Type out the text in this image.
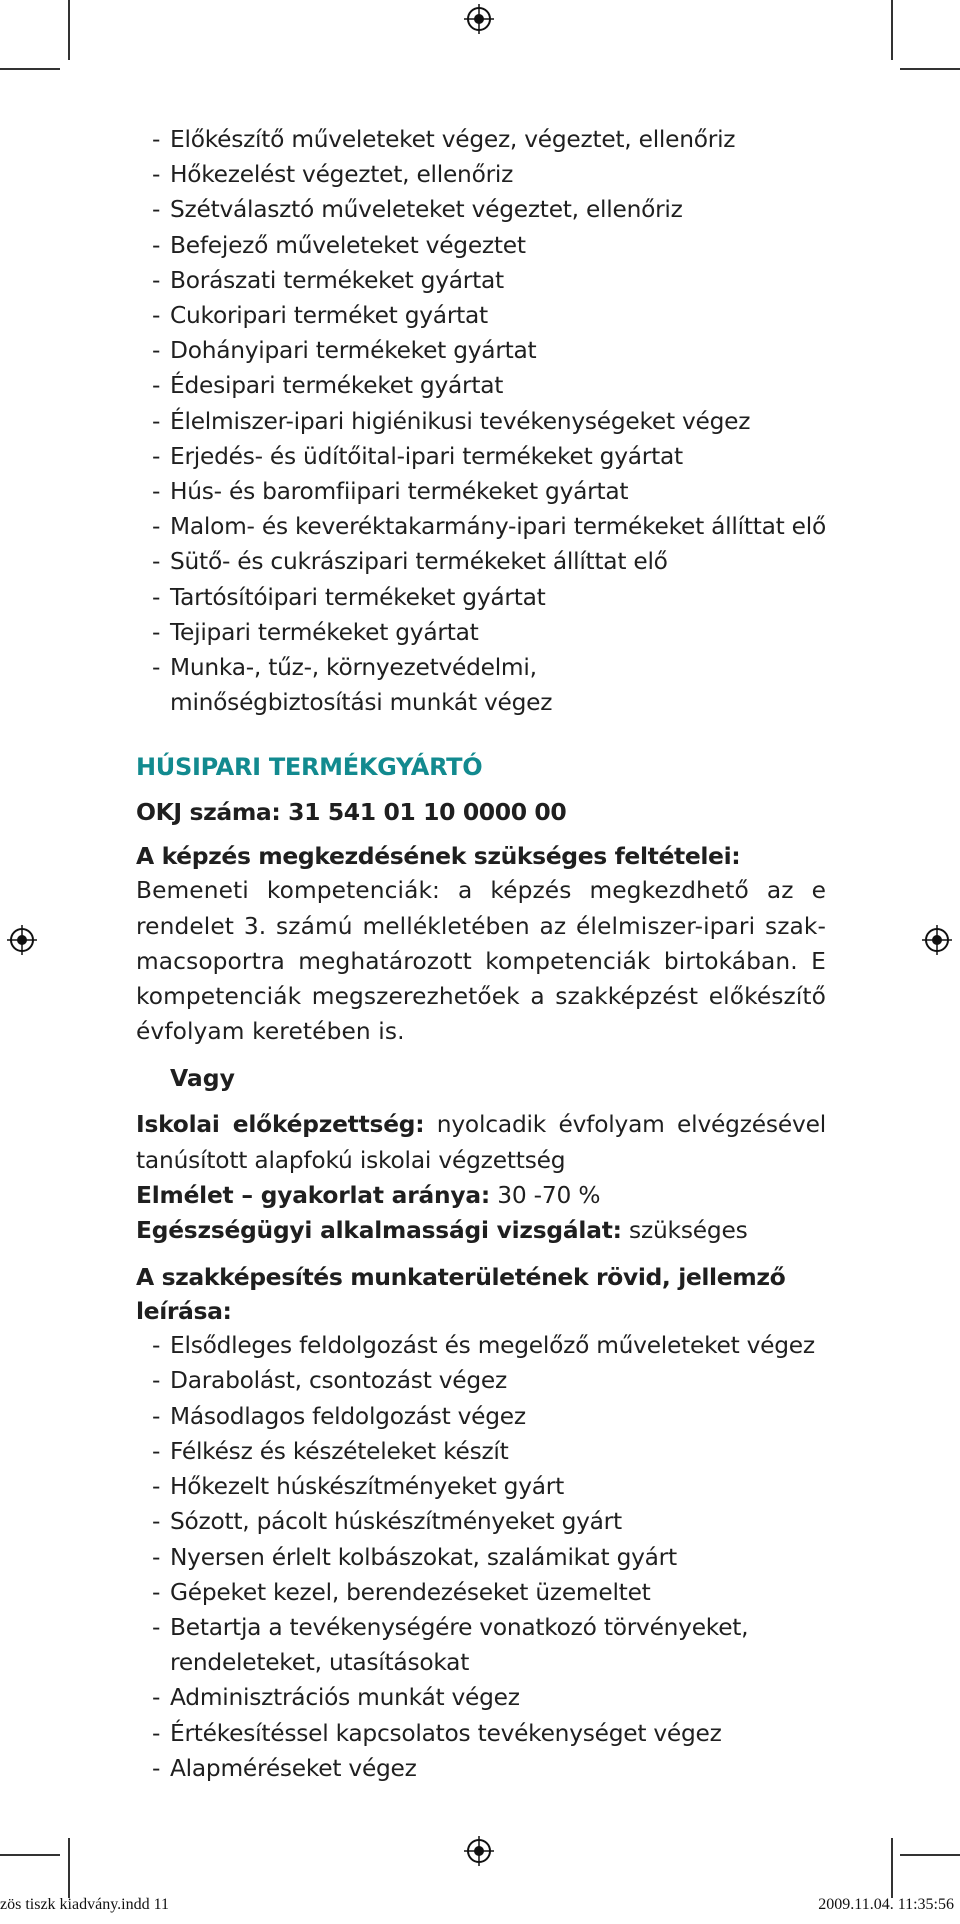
- Előkészítő műveleteket végez, végeztet, ellenőriz
- Hőkezelést végeztet, ellenőriz
- Szétválasztó műveleteket végeztet, ellenőriz
- Befejező műveleteket végeztet
- Borászati termékeket gyártat
- Cukoripari terméket gyártat
- Dohányipari termékeket gyártat
- Édesipari termékeket gyártat
- Élelmiszer-ipari higiénikusi tevékenységeket végez
- Erjedés- és üdítőital-ipari termékeket gyártat
- Hús- és baromfiipari termékeket gyártat
- Malom- és keveréktakarmány-ipari termékeket állíttat elő
- Sütő- és cukrászipari termékeket állíttat elő
- Tartósítóipari termékeket gyártat
- Tejipari termékeket gyártat
- Munka-, tűz-, környezetvédelmi, minőségbiztosítási munkát végez
HÚSIPARI TERMÉKGYÁRTÓ
OKJ száma: 31 541 01 10 0000 00
A képzés megkezdésének szükséges feltételei:
Bemeneti kompetenciák: a képzés megkezdhető az e rendelet 3. számú mellékletében az élelmiszer-ipari szak-macsoportra meghatározott kompetenciák birtokában. E kompetenciák megszerezhetőek a szakképzést előkészítő évfolyam keretében is.
Vagy
Iskolai előképzettség: nyolcadik évfolyam elvégzésével tanúsított alapfokú iskolai végzettség
Elmélet – gyakorlat aránya: 30 -70 %
Egészségügyi alkalmassági vizsgálat: szükséges
A szakképesítés munkaterületének rövid, jellemző leírása:
- Elsődleges feldolgozást és megelőző műveleteket végez
- Darabolást, csontozást végez
- Másodlagos feldolgozást végez
- Félkész és készételeket készít
- Hőkezelt húskészítményeket gyárt
- Sózott, pácolt húskészítményeket gyárt
- Nyersen érlelt kolbászokat, szalámikat gyárt
- Gépeket kezel, berendezéseket üzemeltet
- Betartja a tevékenységére vonatkozó törvényeket, rendeleteket, utasításokat
- Adminisztrációs munkát végez
- Értékesítéssel kapcsolatos tevékenységet végez
- Alapméréseket végez
zös tiszk kiadvány.indd 11	2009.11.04. 11:35:56
